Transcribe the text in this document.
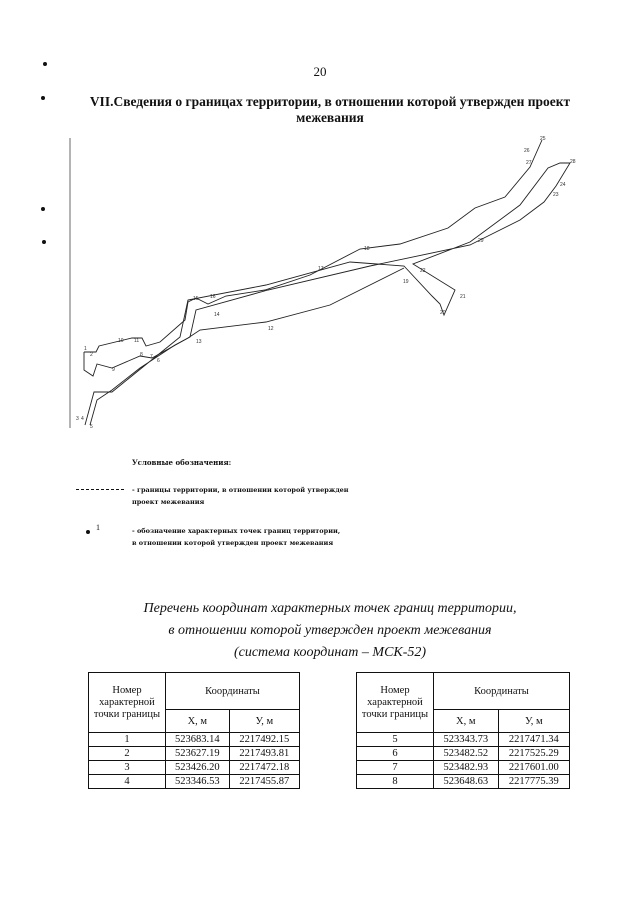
20
VII.Сведения о границах территории, в отношении которой утвержден проект
межевания
1
2
3 4
5
6
7
8
9
10 11
12
13
14
15 16
17
18
19
20
21
22
23
24
25
26
27	28
29
Условные обозначения:
- границы территории, в отношении которой утвержден
проект межевания
1	- обозначение характерных точек границ территории,
в отношении которой утвержден проект межевания
Перечень координат характерных точек границ территории,
в отношении которой утвержден проект межевания
(система координат – МСК-52)
Номер характерной точки границы	Координаты	
	X, м	У, м
1	523683.14	2217492.15
2	523627.19	2217493.81
3	523426.20	2217472.18
4	523346.53	2217455.87
Номер характерной точки границы	Координаты	
	X, м	У, м
5	523343.73	2217471.34
6	523482.52	2217525.29
7	523482.93	2217601.00
8	523648.63	2217775.39
